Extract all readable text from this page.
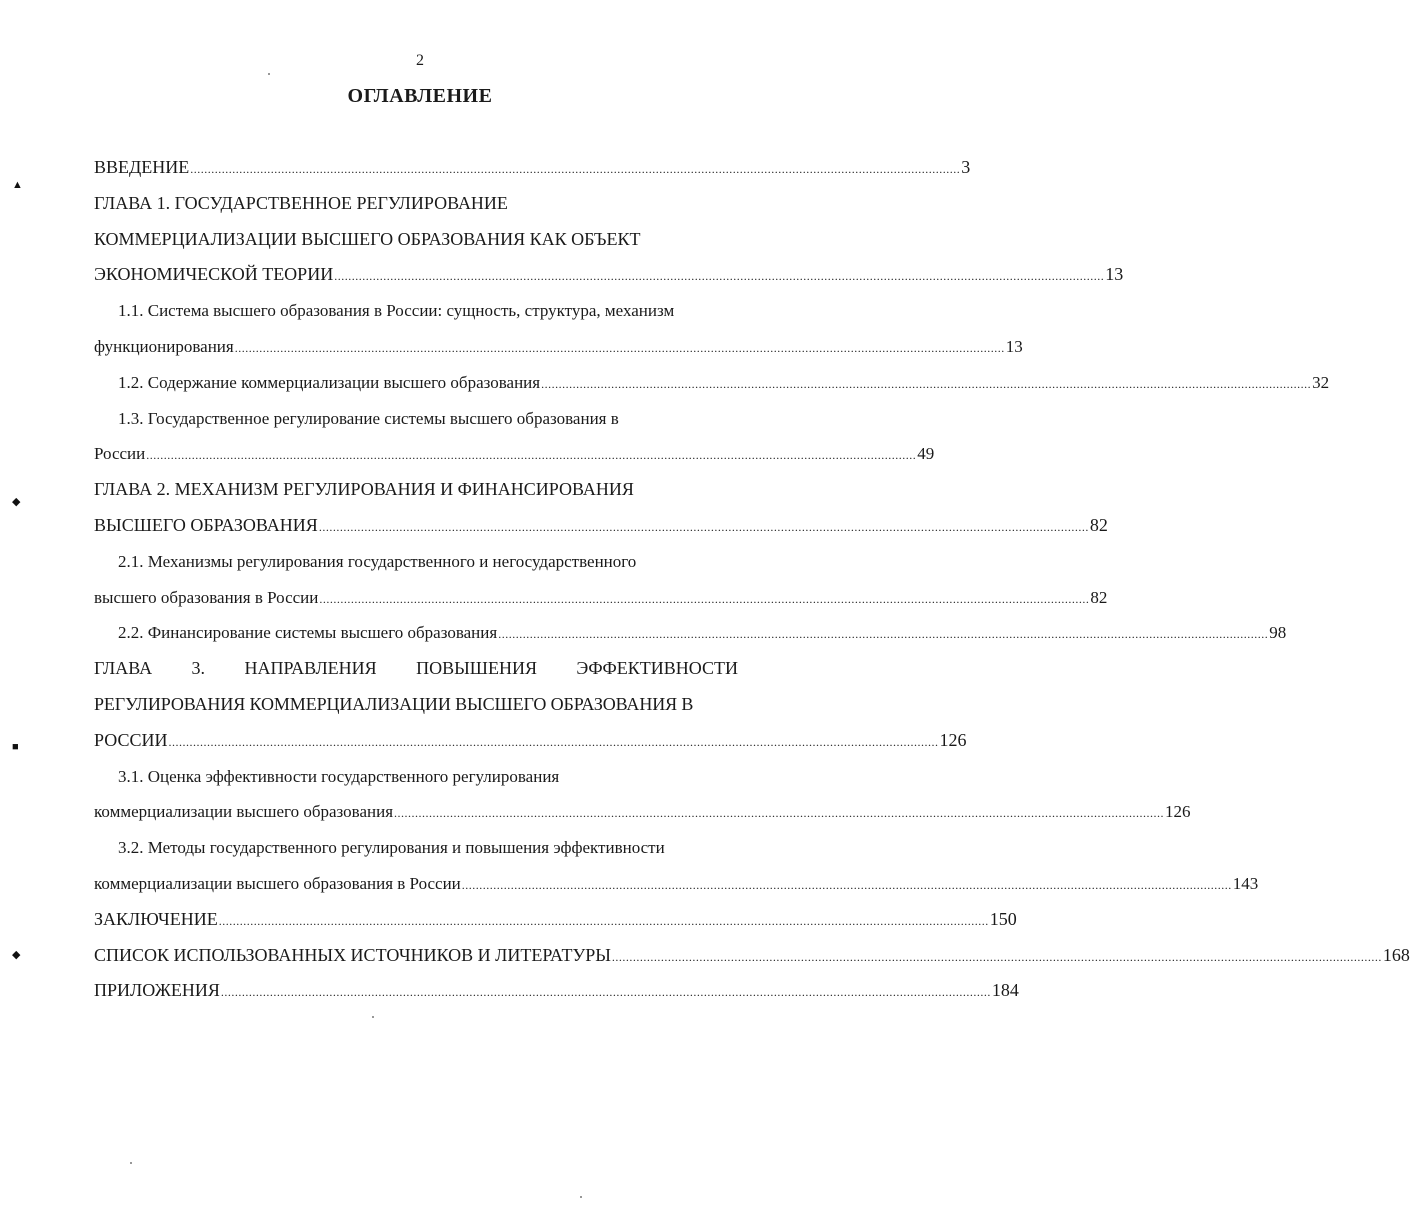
2
ОГЛАВЛЕНИЕ
▲
◆
■
◆
ВВЕДЕНИЕ ............................................................................................................................................................................................................................ 3
ГЛАВА 1. ГОСУДАРСТВЕННОЕ РЕГУЛИРОВАНИЕ
КОММЕРЦИАЛИЗАЦИИ ВЫСШЕГО ОБРАЗОВАНИЯ КАК ОБЪЕКТ
ЭКОНОМИЧЕСКОЙ ТЕОРИИ ............................................................................................................................................................................................................................ 13
1.1. Система высшего образования в России: сущность, структура, механизм
функционирования ............................................................................................................................................................................................................................ 13
1.2. Содержание коммерциализации высшего образования ............................................................................................................................................................................................................................ 32
1.3. Государственное регулирование системы высшего образования в
России ............................................................................................................................................................................................................................ 49
ГЛАВА 2. МЕХАНИЗМ РЕГУЛИРОВАНИЯ И ФИНАНСИРОВАНИЯ
ВЫСШЕГО ОБРАЗОВАНИЯ ............................................................................................................................................................................................................................ 82
2.1. Механизмы регулирования государственного и негосударственного
высшего образования в России ............................................................................................................................................................................................................................ 82
2.2. Финансирование системы высшего образования ............................................................................................................................................................................................................................ 98
ГЛАВА 3. НАПРАВЛЕНИЯ ПОВЫШЕНИЯ ЭФФЕКТИВНОСТИ
РЕГУЛИРОВАНИЯ КОММЕРЦИАЛИЗАЦИИ ВЫСШЕГО ОБРАЗОВАНИЯ В
РОССИИ ............................................................................................................................................................................................................................ 126
3.1. Оценка эффективности государственного регулирования
коммерциализации высшего образования ............................................................................................................................................................................................................................ 126
3.2. Методы государственного регулирования и повышения эффективности
коммерциализации высшего образования в России ............................................................................................................................................................................................................................ 143
ЗАКЛЮЧЕНИЕ ............................................................................................................................................................................................................................ 150
СПИСОК ИСПОЛЬЗОВАННЫХ ИСТОЧНИКОВ И ЛИТЕРАТУРЫ ............................................................................................................................................................................................................................ 168
ПРИЛОЖЕНИЯ ............................................................................................................................................................................................................................ 184
